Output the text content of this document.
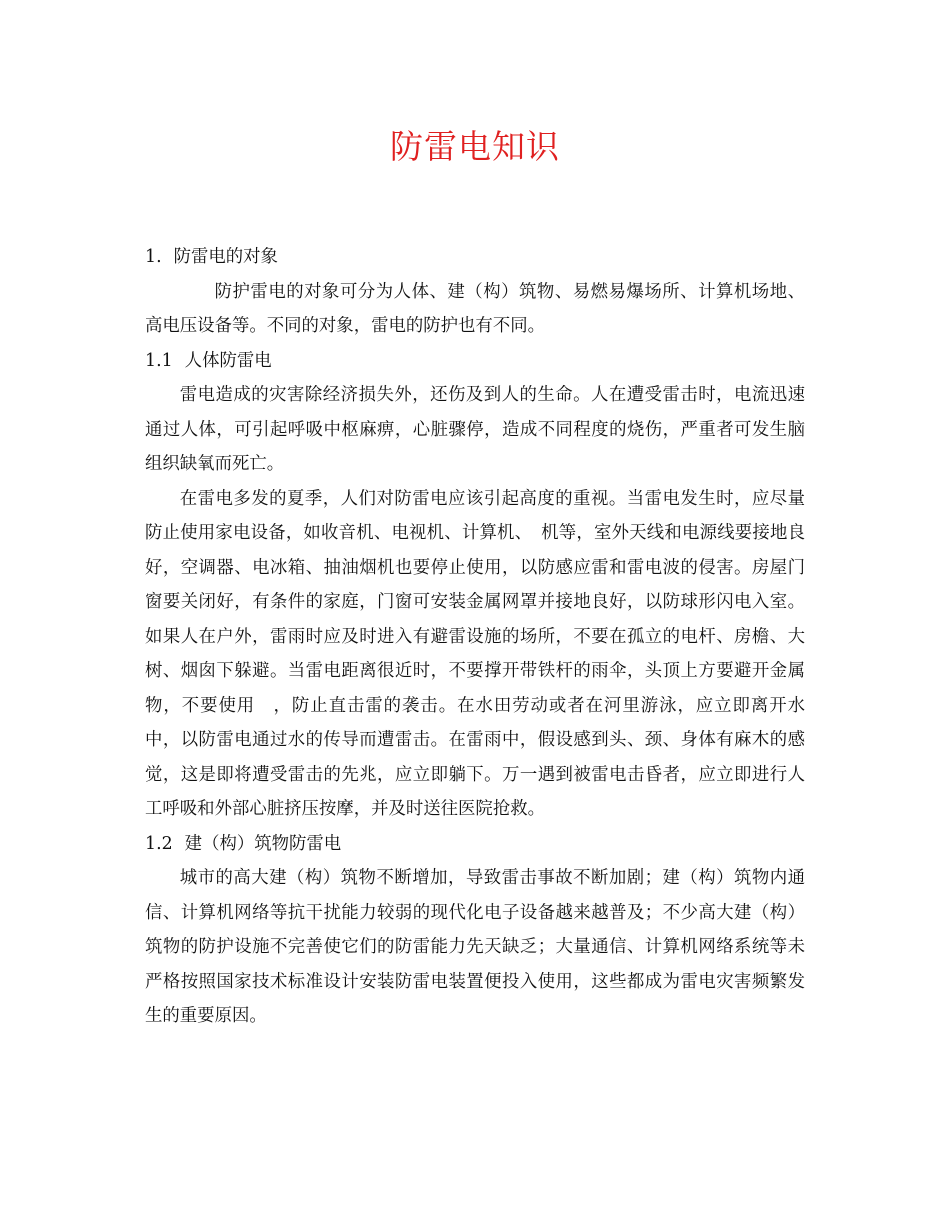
防雷电知识

1. 防雷电的对象

防护雷电的对象可分为人体、建（构）筑物、易燃易爆场所、计算机场地、高电压设备等。不同的对象，雷电的防护也有不同。

1.1 人体防雷电

雷电造成的灾害除经济损失外，还伤及到人的生命。人在遭受雷击时，电流迅速通过人体，可引起呼吸中枢麻痹，心脏骤停，造成不同程度的烧伤，严重者可发生脑组织缺氧而死亡。

在雷电多发的夏季，人们对防雷电应该引起高度的重视。当雷电发生时，应尽量防止使用家电设备，如收音机、电视机、计算机、　机等，室外天线和电源线要接地良好，空调器、电冰箱、抽油烟机也要停止使用，以防感应雷和雷电波的侵害。房屋门窗要关闭好，有条件的家庭，门窗可安装金属网罩并接地良好，以防球形闪电入室。如果人在户外，雷雨时应及时进入有避雷设施的场所，不要在孤立的电杆、房檐、大树、烟囱下躲避。当雷电距离很近时，不要撑开带铁杆的雨伞，头顶上方要避开金属物，不要使用　，防止直击雷的袭击。在水田劳动或者在河里游泳，应立即离开水中，以防雷电通过水的传导而遭雷击。在雷雨中，假设感到头、颈、身体有麻木的感觉，这是即将遭受雷击的先兆，应立即躺下。万一遇到被雷电击昏者，应立即进行人工呼吸和外部心脏挤压按摩，并及时送往医院抢救。

1.2 建（构）筑物防雷电

城市的高大建（构）筑物不断增加，导致雷击事故不断加剧；建（构）筑物内通信、计算机网络等抗干扰能力较弱的现代化电子设备越来越普及；不少高大建（构）筑物的防护设施不完善使它们的防雷能力先天缺乏；大量通信、计算机网络系统等未严格按照国家技术标准设计安装防雷电装置便投入使用，这些都成为雷电灾害频繁发生的重要原因。
